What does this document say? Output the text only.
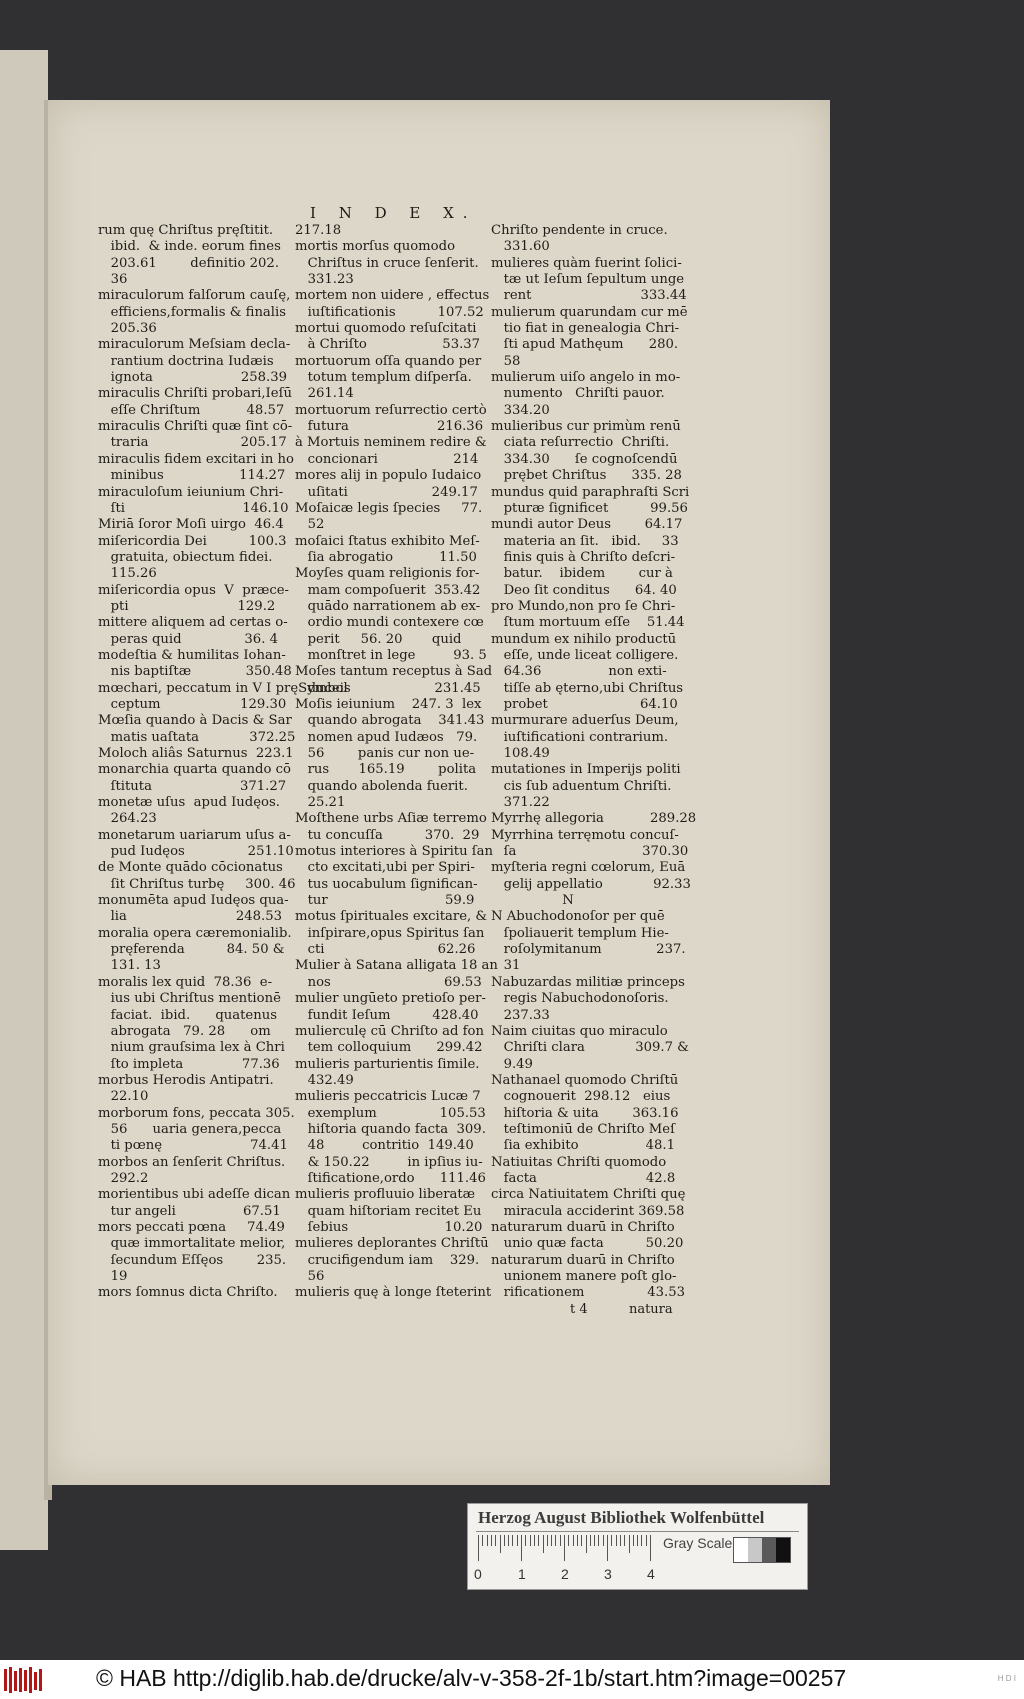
I N D E X.
rum quę Chriſtus pręſtitit.
ibid.  & inde. eorum fines
203.61        definitio 202.
36
miraculorum falſorum cauſę,
efficiens,formalis & finalis
205.36
miraculorum Meſsiam decla-
rantium doctrina Iudæis
ignota                     258.39
miraculis Chriſti probari,Ieſū
eſſe Chriſtum           48.57
miraculis Chriſti quæ ſint cō-
traria                      205.17
miraculis fidem excitari in ho
minibus                  114.27
miraculoſum ieiunium Chri-
ſti                            146.10
Miriā ſoror Moſi uirgo  46.4
miſericordia Dei          100.3
gratuita, obiectum fidei.
115.26
miſericordia opus  V  præce-
pti                          129.2
mittere aliquem ad certas o-
peras quid               36. 4
modeſtia & humilitas Iohan-
nis baptiſtæ             350.48
mœchari, peccatum in V I pręSymbol
ceptum                   129.30
Mœſia quando à Dacis & Sar
matis uaſtata            372.25
Moloch aliâs Saturnus  223.1
monarchia quarta quando cō
ſtituta                     371.27
monetæ uſus  apud Iudęos.
264.23
monetarum uariarum uſus a-
pud Iudęos               251.10
de Monte quādo cōcionatus
ſit Chriſtus turbę     300. 46
monumēta apud Iudęos qua-
lia                          248.53
moralia opera cæremonialib.
pręferenda          84. 50 &
131. 13
moralis lex quid  78.36  e-
ius ubi Chriſtus mentionē
faciat.  ibid.      quatenus
abrogata   79. 28      om
nium grauſsima lex à Chri
ſto impleta              77.36
morbus Herodis Antipatri.
22.10
morborum fons, peccata 305.
56      uaria genera,pecca
ti pœnę                     74.41
morbos an ſenſerit Chriſtus.
292.2
morientibus ubi adeſſe dican
tur angeli                67.51
mors peccati pœna     74.49
quæ immortalitate melior,
ſecundum Eſſęos        235.
19
mors ſomnus dicta Chriſto.
217.18
mortis morſus quomodo
Chriſtus in cruce ſenſerit.
331.23
mortem non uidere , effectus
iuſtificationis          107.52
mortui quomodo reſuſcitati
à Chriſto                  53.37
mortuorum oſſa quando per
totum templum diſperſa.
261.14
mortuorum reſurrectio certò
futura                     216.36
à Mortuis neminem redire &
concionari                  214
mores alij in populo Iudaico
uſitati                    249.17
Moſaicæ legis ſpecies     77.
52
moſaici ſtatus exhibito Meſ-
ſia abrogatio           11.50
Moyſes quam religionis for-
mam compoſuerit  353.42
quādo narrationem ab ex-
ordio mundi contexere cœ
perit     56. 20       quid
monſtret in lege         93. 5
Moſes tantum receptus à Sad
duceis                    231.45
Moſis ieiunium    247. 3  lex
quando abrogata    341.43
nomen apud Iudæos   79.
56        panis cur non ue-
rus       165.19        polita
quando abolenda fuerit.
25.21
Moſthene urbs Aſiæ terremo
tu concuſſa          370.  29
motus interiores à Spiritu ſan
cto excitati,ubi per Spiri-
tus uocabulum ſignifican-
tur                            59.9
motus ſpirituales excitare, &
inſpirare,opus Spiritus ſan
cti                           62.26
Mulier à Satana alligata 18 an
nos                           69.53
mulier ungūeto pretioſo per-
fundit Ieſum          428.40
mulierculę cū Chriſto ad fon
tem colloquium      299.42
mulieris parturientis ſimile.
432.49
mulieris peccatricis Lucæ 7
exemplum               105.53
hiſtoria quando facta  309.
48         contritio  149.40
& 150.22         in ipſius iu-
ſtificatione,ordo      111.46
mulieris profluuio liberatæ
quam hiſtoriam recitet Eu
ſebius                       10.20
mulieres deplorantes Chriſtū
crucifigendum iam    329.
56
mulieris quę à longe ſteterint
Chriſto pendente in cruce.
331.60
mulieres quàm fuerint ſolici-
tæ ut Ieſum ſepultum unge
rent                          333.44
mulierum quarundam cur mē
tio fiat in genealogia Chri-
ſti apud Mathęum      280.
58
mulierum uiſo angelo in mo-
numento   Chriſti pauor.
334.20
mulieribus cur primùm renū
ciata reſurrectio  Chriſti.
334.30      ſe cognoſcendū
prębet Chriſtus      335. 28
mundus quid paraphraſti Scri
pturæ ſignificet          99.56
mundi autor Deus        64.17
materia an ſit.   ibid.     33
finis quis à Chriſto deſcri-
batur.    ibidem        cur à
Deo ſit conditus      64. 40
pro Mundo,non pro ſe Chri-
ſtum mortuum eſſe    51.44
mundum ex nihilo productū
eſſe, unde liceat colligere.
64.36                non exti-
tiſſe ab ęterno,ubi Chriſtus
probet                      64.10
murmurare aduerſus Deum,
iuſtificationi contrarium.
108.49
mutationes in Imperijs politi
cis ſub aduentum Chriſti.
371.22
Myrrhę allegoria           289.28
Myrrhina terręmotu concuſ-
ſa                              370.30
myſteria regni cœlorum, Euā
gelij appellatio            92.33
N
N Abuchodonoſor per quē
ſpoliauerit templum Hie-
roſolymitanum             237.
31
Nabuzardas militiæ princeps
regis Nabuchodonoſoris.
237.33
Naim ciuitas quo miraculo
Chriſti clara            309.7 &
9.49
Nathanael quomodo Chriſtū
cognouerit  298.12   eius
hiſtoria & uita        363.16
teſtimoniū de Chriſto Meſ
ſia exhibito                48.1
Natiuitas Chriſti quomodo
facta                          42.8
circa Natiuitatem Chriſti quę
miracula acciderint 369.58
naturarum duarū in Chriſto
unio quæ facta          50.20
naturarum duarū in Chriſto
unionem manere poſt glo-
rificationem               43.53
t 4          natura
Herzog August Bibliothek Wolfenbüttel
Gray Scale
0	1	2	3	4
© HAB http://diglib.hab.de/drucke/alv-v-358-2f-1b/start.htm?image=00257	H D I
